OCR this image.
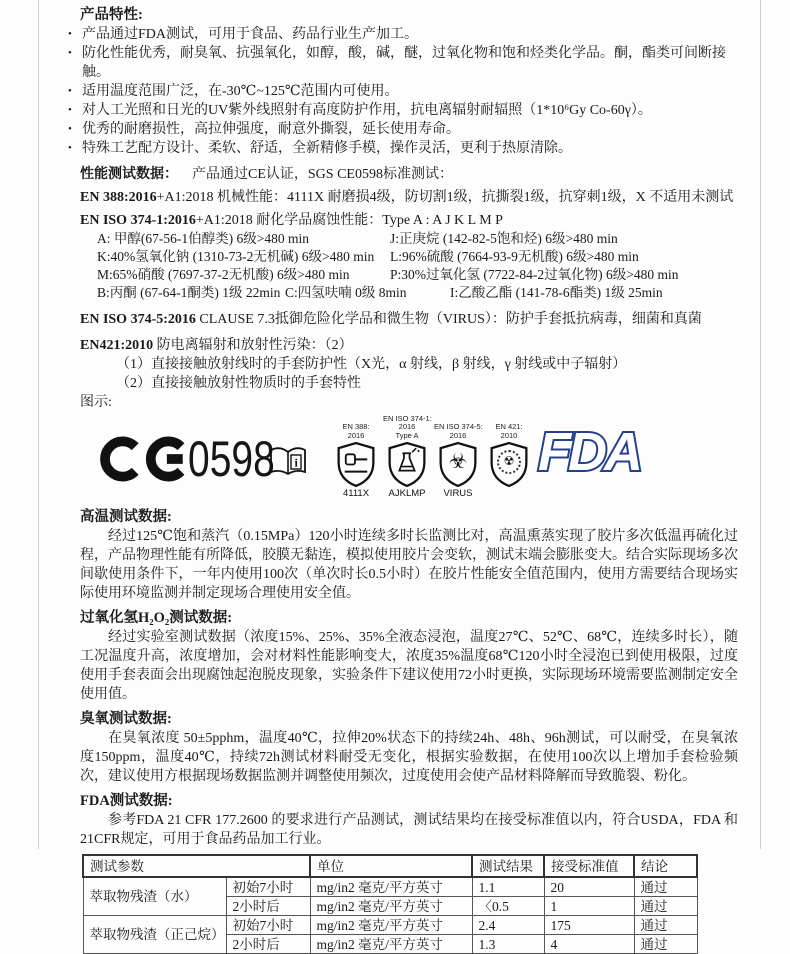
产品特性:
• 产品通过FDA测试，可用于食品、药品行业生产加工。
• 防化性能优秀，耐臭氧、抗强氧化，如醇，酸，碱，醚，过氧化物和饱和烃类化学品。酮，酯类可间断接触。
• 适用温度范围广泛，在-30℃~125℃范围内可使用。
• 对人工光照和日光的UV紫外线照射有高度防护作用，抗电离辐射耐辐照（1*10⁶Gy Co-60γ）。
• 优秀的耐磨损性，高拉伸强度，耐意外撕裂，延长使用寿命。
• 特殊工艺配方设计、柔软、舒适，全新精修手模，操作灵活，更利于热原清除。
性能测试数据： 产品通过CE认证，SGS CE0598标准测试：
EN 388:2016+A1:2018 机械性能：4111X 耐磨损4级，防切割1级，抗撕裂1级，抗穿刺1级，X 不适用未测试
EN ISO 374-1:2016+A1:2018 耐化学品腐蚀性能：Type A : A J K L M P
A: 甲醇(67-56-1伯醇类) 6级>480 min	J:正庚烷 (142-82-5饱和烃) 6级>480 min
K:40%氢氧化钠 (1310-73-2无机碱) 6级>480 min	L:96%硫酸 (7664-93-9无机酸) 6级>480 min
M:65%硝酸 (7697-37-2无机酸) 6级>480 min	P:30%过氧化氢 (7722-84-2过氧化物) 6级>480 min
B:丙酮 (67-64-1酮类) 1级 22min C:四氢呋喃 0级 8min	I:乙酸乙酯 (141-78-6酯类) 1级 25min
EN ISO 374-5:2016 CLAUSE 7.3抵御危险化学品和微生物（VIRUS）：防护手套抵抗病毒，细菌和真菌
EN421:2010 防电离辐射和放射性污染：（2）
（1）直接接触放射线时的手套防护性（X光，α 射线，β 射线，γ 射线或中子辐射）
（2）直接接触放射性物质时的手套特性
图示:
0598 i
EN 388:
2016
4111X
EN ISO 374-1:
2016
Type A
AJKLMP
EN ISO 374-5:
2016
☣
VIRUS
EN 421:
2010
☢ FDA
高温测试数据:
经过125℃饱和蒸汽（0.15MPa）120小时连续多时长监测比对，高温熏蒸实现了胶片多次低温再硫化过程，产品物理性能有所降低，胶膜无黏连，模拟使用胶片会变软，测试末端会膨胀变大。结合实际现场多次间歇使用条件下，一年内使用100次（单次时长0.5小时）在胶片性能安全值范围内，使用方需要结合现场实际使用环境监测并制定现场合理使用安全值。
过氧化氢H₂O₂测试数据:
经过实验室测试数据（浓度15%、25%、35%全液态浸泡，温度27℃、52℃、68℃，连续多时长），随工况温度升高，浓度增加，会对材料性能影响变大，浓度35%温度68℃120小时全浸泡已到使用极限，过度使用手套表面会出现腐蚀起泡脱皮现象，实验条件下建议使用72小时更换，实际现场环境需要监测制定安全使用值。
臭氧测试数据:
在臭氧浓度 50±5pphm，温度40℃，拉伸20%状态下的持续24h、48h、96h测试，可以耐受，在臭氧浓度150ppm，温度40℃，持续72h测试材料耐受无变化，根据实验数据，在使用100次以上增加手套检验频次，建议使用方根据现场数据监测并调整使用频次，过度使用会使产品材料降解而导致脆裂、粉化。
FDA测试数据:
参考FDA 21 CFR 177.2600 的要求进行产品测试，测试结果均在接受标准值以内，符合USDA，FDA 和21CFR规定，可用于食品药品加工行业。
测试参数		单位	测试结果	接受标准值	结论
萃取物残渣（水）	初始7小时	mg/in2 毫克/平方英寸	1.1	20	通过
	2小时后	mg/in2 毫克/平方英寸	〈0.5	1	通过
萃取物残渣（正己烷）	初始7小时	mg/in2 毫克/平方英寸	2.4	175	通过
	2小时后	mg/in2 毫克/平方英寸	1.3	4	通过
